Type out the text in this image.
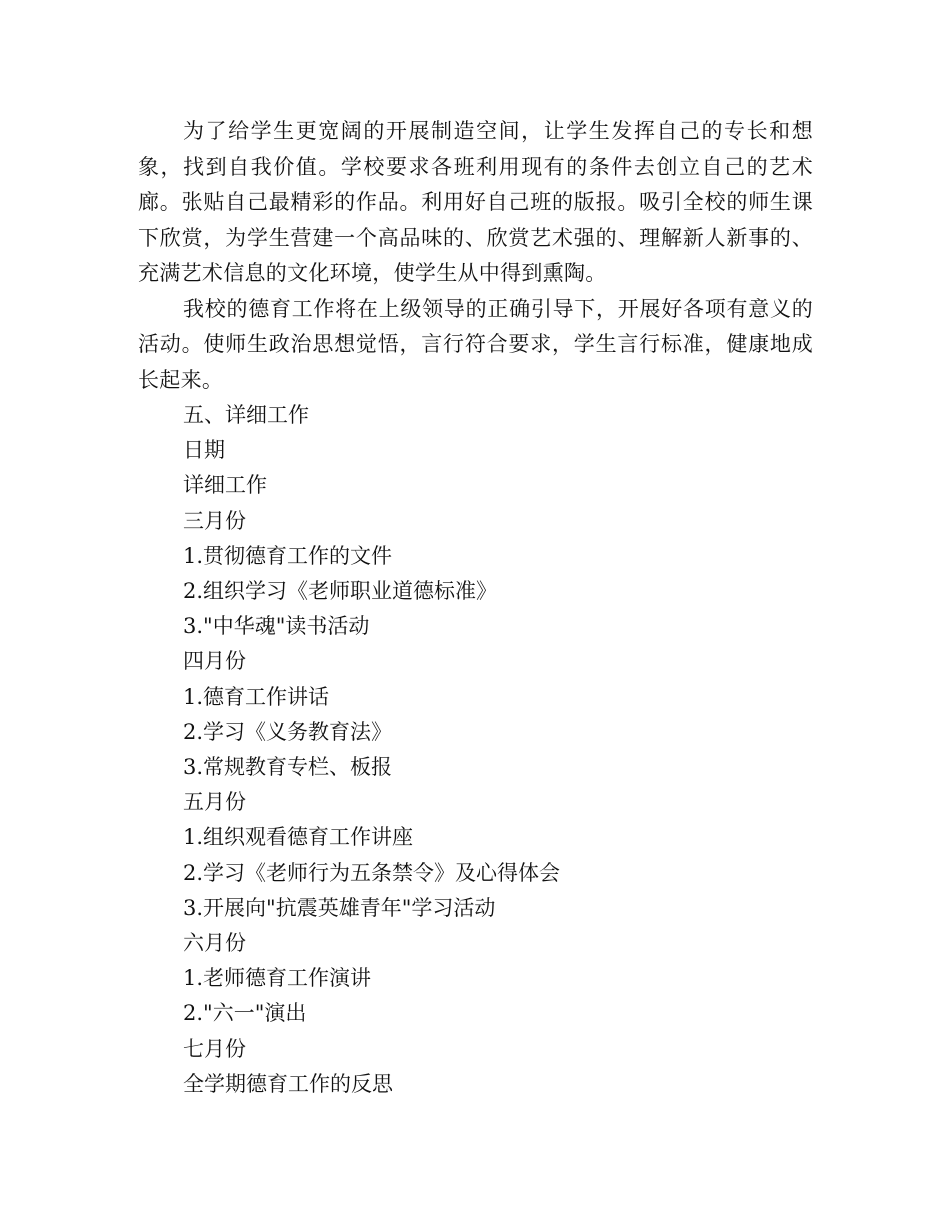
为了给学生更宽阔的开展制造空间，让学生发挥自己的专长和想象，找到自我价值。学校要求各班利用现有的条件去创立自己的艺术廊。张贴自己最精彩的作品。利用好自己班的版报。吸引全校的师生课下欣赏，为学生营建一个高品味的、欣赏艺术强的、理解新人新事的、充满艺术信息的文化环境，使学生从中得到熏陶。

我校的德育工作将在上级领导的正确引导下，开展好各项有意义的活动。使师生政治思想觉悟，言行符合要求，学生言行标准，健康地成长起来。

五、详细工作

日期

详细工作

三月份

1.贯彻德育工作的文件

2.组织学习《老师职业道德标准》

3."中华魂"读书活动

四月份

1.德育工作讲话

2.学习《义务教育法》

3.常规教育专栏、板报

五月份

1.组织观看德育工作讲座

2.学习《老师行为五条禁令》及心得体会

3.开展向"抗震英雄青年"学习活动

六月份

1.老师德育工作演讲

2."六一"演出

七月份

全学期德育工作的反思
